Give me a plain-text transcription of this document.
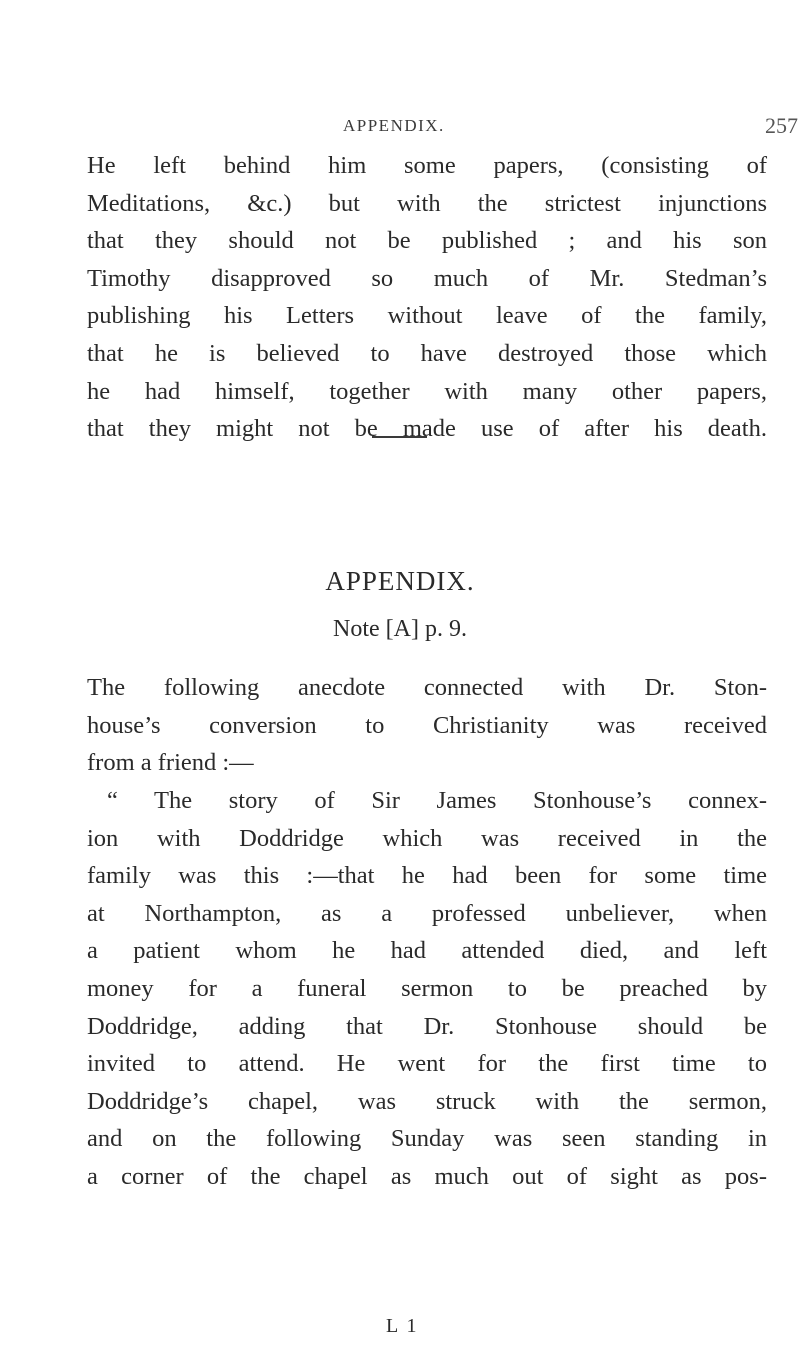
APPENDIX.	257
He left behind him some papers, (consisting of
Meditations, &c.) but with the strictest injunctions
that they should not be published ; and his son
Timothy disapproved so much of Mr. Stedman’s
publishing his Letters without leave of the family,
that he is believed to have destroyed those which
he had himself, together with many other papers,
that they might not be made use of after his death.
APPENDIX.
Note [A] p. 9.
The following anecdote connected with Dr. Ston-
house’s conversion to Christianity was received
from a friend :—
“ The story of Sir James Stonhouse’s connex-
ion with Doddridge which was received in the
family was this :—that he had been for some time
at Northampton, as a professed unbeliever, when
a patient whom he had attended died, and left
money for a funeral sermon to be preached by
Doddridge, adding that Dr. Stonhouse should be
invited to attend. He went for the first time to
Doddridge’s chapel, was struck with the sermon,
and on the following Sunday was seen standing in
a corner of the chapel as much out of sight as pos-
L 1
